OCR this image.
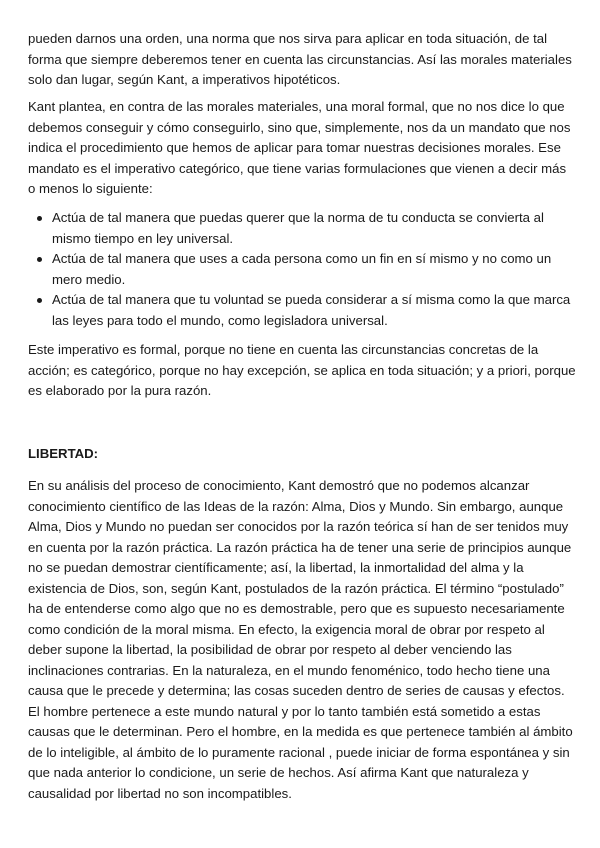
pueden darnos una orden, una norma que nos sirva para aplicar en toda situación, de tal forma que siempre deberemos tener en cuenta las circunstancias. Así las morales materiales solo dan lugar, según Kant, a imperativos hipotéticos.

Kant plantea, en contra de las morales materiales, una moral formal, que no nos dice lo que debemos conseguir y cómo conseguirlo, sino que, simplemente, nos da un mandato que nos indica el procedimiento que hemos de aplicar para tomar nuestras decisiones morales. Ese mandato es el imperativo categórico, que tiene varias formulaciones que vienen a decir más o menos lo siguiente:

Actúa de tal manera que puedas querer que la norma de tu conducta se convierta al mismo tiempo en ley universal.
Actúa de tal manera que uses a cada persona como un fin en sí mismo y no como un mero medio.
Actúa de tal manera que tu voluntad se pueda considerar a sí misma como la que marca las leyes para todo el mundo, como legisladora universal.

Este imperativo es formal, porque no tiene en cuenta las circunstancias concretas de la acción; es categórico, porque no hay excepción, se aplica en toda situación; y a priori, porque es elaborado por la pura razón.

LIBERTAD:

En su análisis del proceso de conocimiento, Kant demostró que no podemos alcanzar conocimiento científico de las Ideas de la razón: Alma, Dios y Mundo. Sin embargo, aunque Alma, Dios y Mundo no puedan ser conocidos por la razón teórica sí han de ser tenidos muy en cuenta por la razón práctica. La razón práctica ha de tener una serie de principios aunque no se puedan demostrar científicamente; así, la libertad, la inmortalidad del alma y la existencia de Dios, son, según Kant, postulados de la razón práctica. El término “postulado” ha de entenderse como algo que no es demostrable, pero que es supuesto necesariamente como condición de la moral misma. En efecto, la exigencia moral de obrar por respeto al deber supone la libertad, la posibilidad de obrar por respeto al deber venciendo las inclinaciones contrarias. En la naturaleza, en el mundo fenoménico, todo hecho tiene una causa que le precede y determina; las cosas suceden dentro de series de causas y efectos. El hombre pertenece a este mundo natural y por lo tanto también está sometido a estas causas que le determinan. Pero el hombre, en la medida es que pertenece también al ámbito de lo inteligible, al ámbito de lo puramente racional , puede iniciar de forma espontánea y sin que nada anterior lo condicione, un serie de hechos. Así afirma Kant que naturaleza y causalidad por libertad no son incompatibles.
